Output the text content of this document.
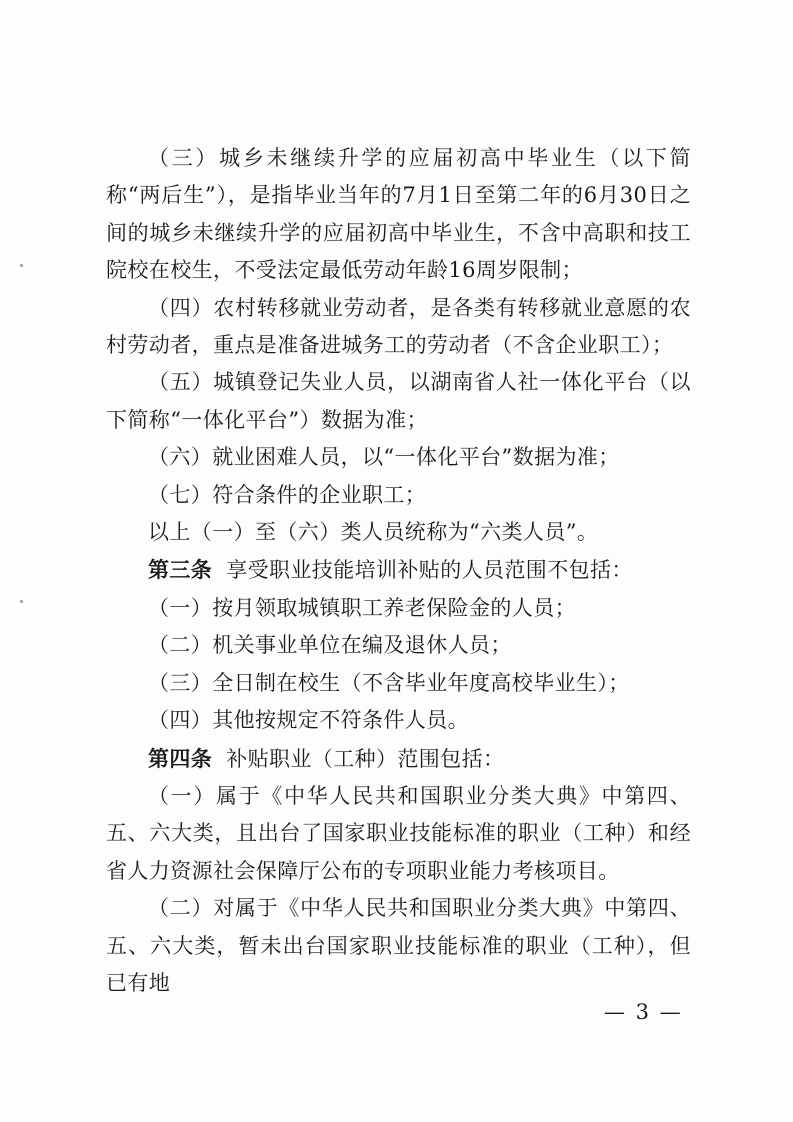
（三）城乡未继续升学的应届初高中毕业生（以下简称“两后生”），是指毕业当年的7月1日至第二年的6月30日之间的城乡未继续升学的应届初高中毕业生，不含中高职和技工院校在校生，不受法定最低劳动年龄16周岁限制；

（四）农村转移就业劳动者，是各类有转移就业意愿的农村劳动者，重点是准备进城务工的劳动者（不含企业职工）；

（五）城镇登记失业人员，以湖南省人社一体化平台（以下简称“一体化平台”）数据为准；

（六）就业困难人员，以“一体化平台”数据为准；

（七）符合条件的企业职工；

以上（一）至（六）类人员统称为“六类人员”。

第三条 享受职业技能培训补贴的人员范围不包括：

（一）按月领取城镇职工养老保险金的人员；

（二）机关事业单位在编及退休人员；

（三）全日制在校生（不含毕业年度高校毕业生）；

（四）其他按规定不符条件人员。

第四条 补贴职业（工种）范围包括：

（一）属于《中华人民共和国职业分类大典》中第四、五、六大类，且出台了国家职业技能标准的职业（工种）和经省人力资源社会保障厅公布的专项职业能力考核项目。

（二）对属于《中华人民共和国职业分类大典》中第四、五、六大类，暂未出台国家职业技能标准的职业（工种），但已有地

— 3 —
